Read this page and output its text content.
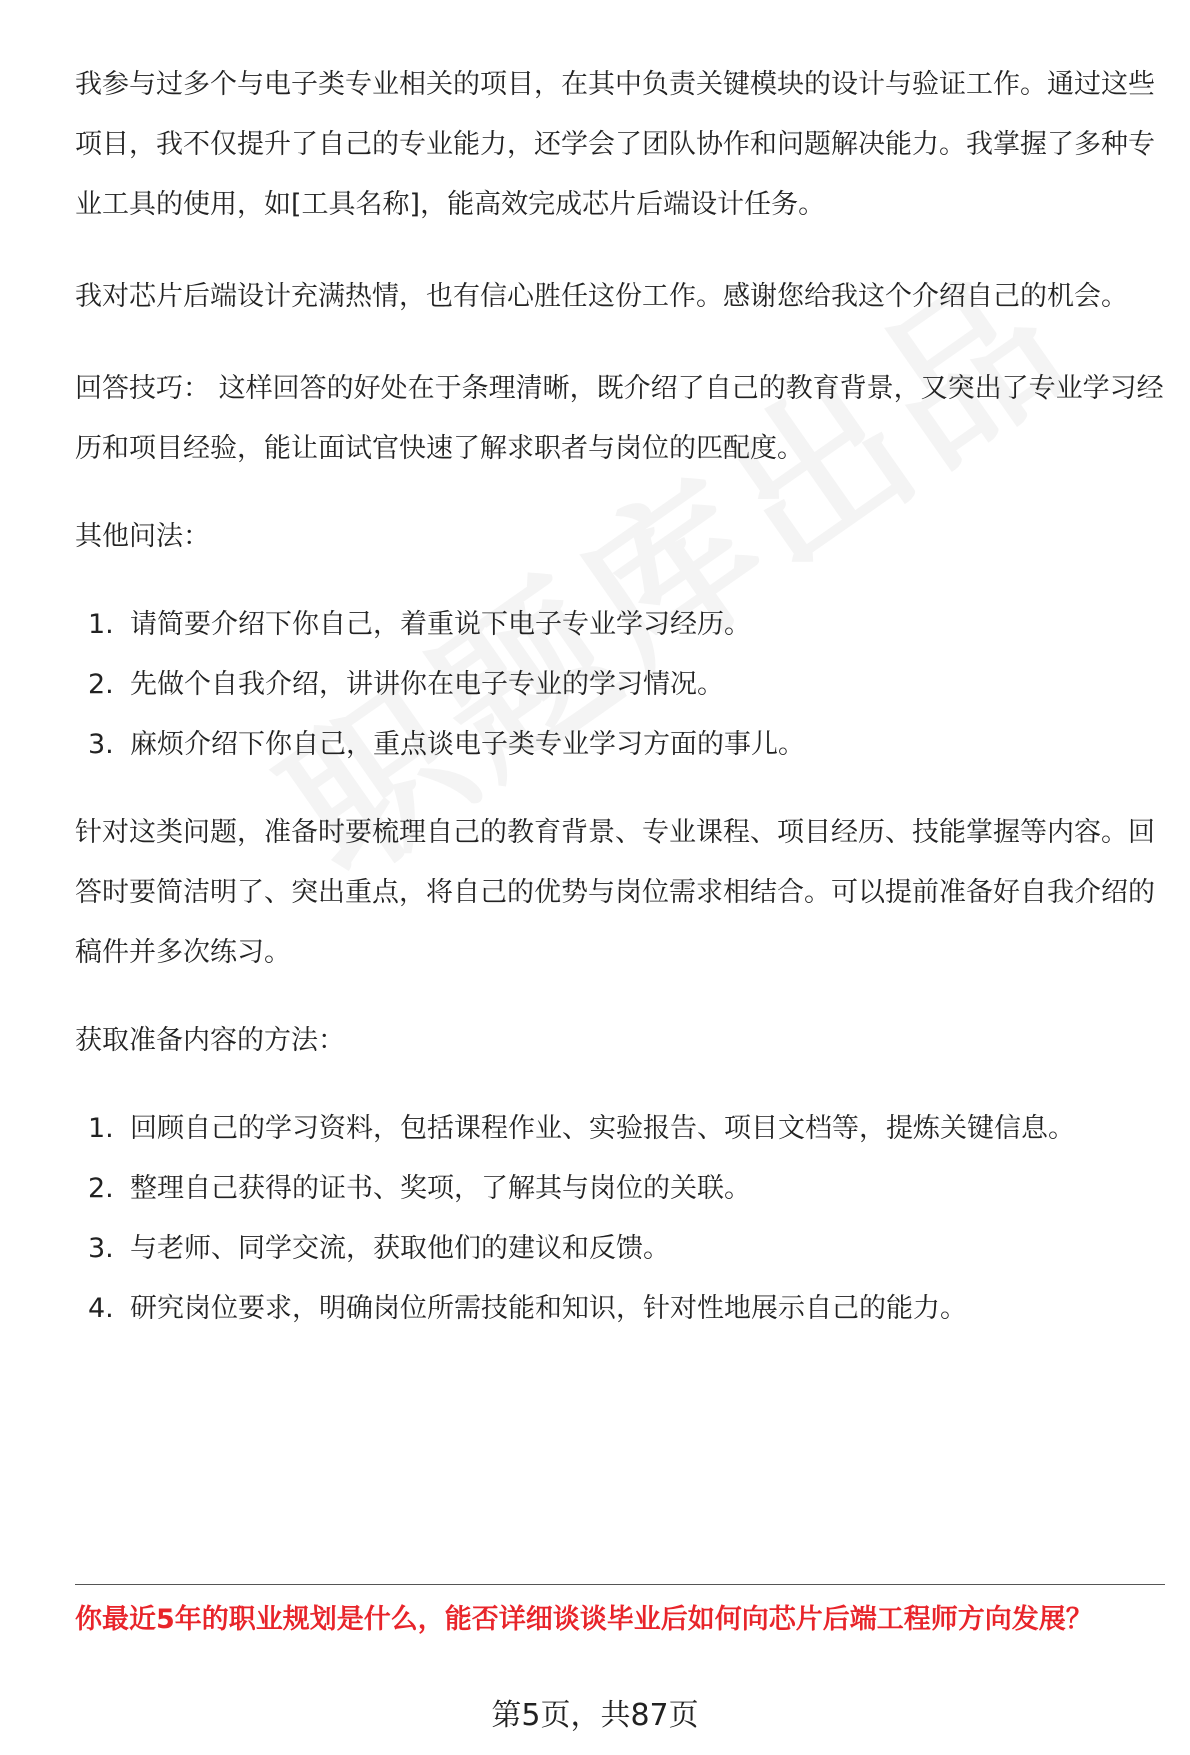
我参与过多个与电子类专业相关的项目，在其中负责关键模块的设计与验证工作。通过这些项目，我不仅提升了自己的专业能力，还学会了团队协作和问题解决能力。我掌握了多种专业工具的使用，如[工具名称]，能高效完成芯片后端设计任务。

我对芯片后端设计充满热情，也有信心胜任这份工作。感谢您给我这个介绍自己的机会。

回答技巧： 这样回答的好处在于条理清晰，既介绍了自己的教育背景，又突出了专业学习经历和项目经验，能让面试官快速了解求职者与岗位的匹配度。

其他问法：

1. 请简要介绍下你自己，着重说下电子专业学习经历。
2. 先做个自我介绍，讲讲你在电子专业的学习情况。
3. 麻烦介绍下你自己，重点谈电子类专业学习方面的事儿。

针对这类问题，准备时要梳理自己的教育背景、专业课程、项目经历、技能掌握等内容。回答时要简洁明了、突出重点，将自己的优势与岗位需求相结合。可以提前准备好自我介绍的稿件并多次练习。

获取准备内容的方法：

1. 回顾自己的学习资料，包括课程作业、实验报告、项目文档等，提炼关键信息。
2. 整理自己获得的证书、奖项，了解其与岗位的关联。
3. 与老师、同学交流，获取他们的建议和反馈。
4. 研究岗位要求，明确岗位所需技能和知识，针对性地展示自己的能力。

你最近5年的职业规划是什么，能否详细谈谈毕业后如何向芯片后端工程师方向发展？

第5页，共87页
